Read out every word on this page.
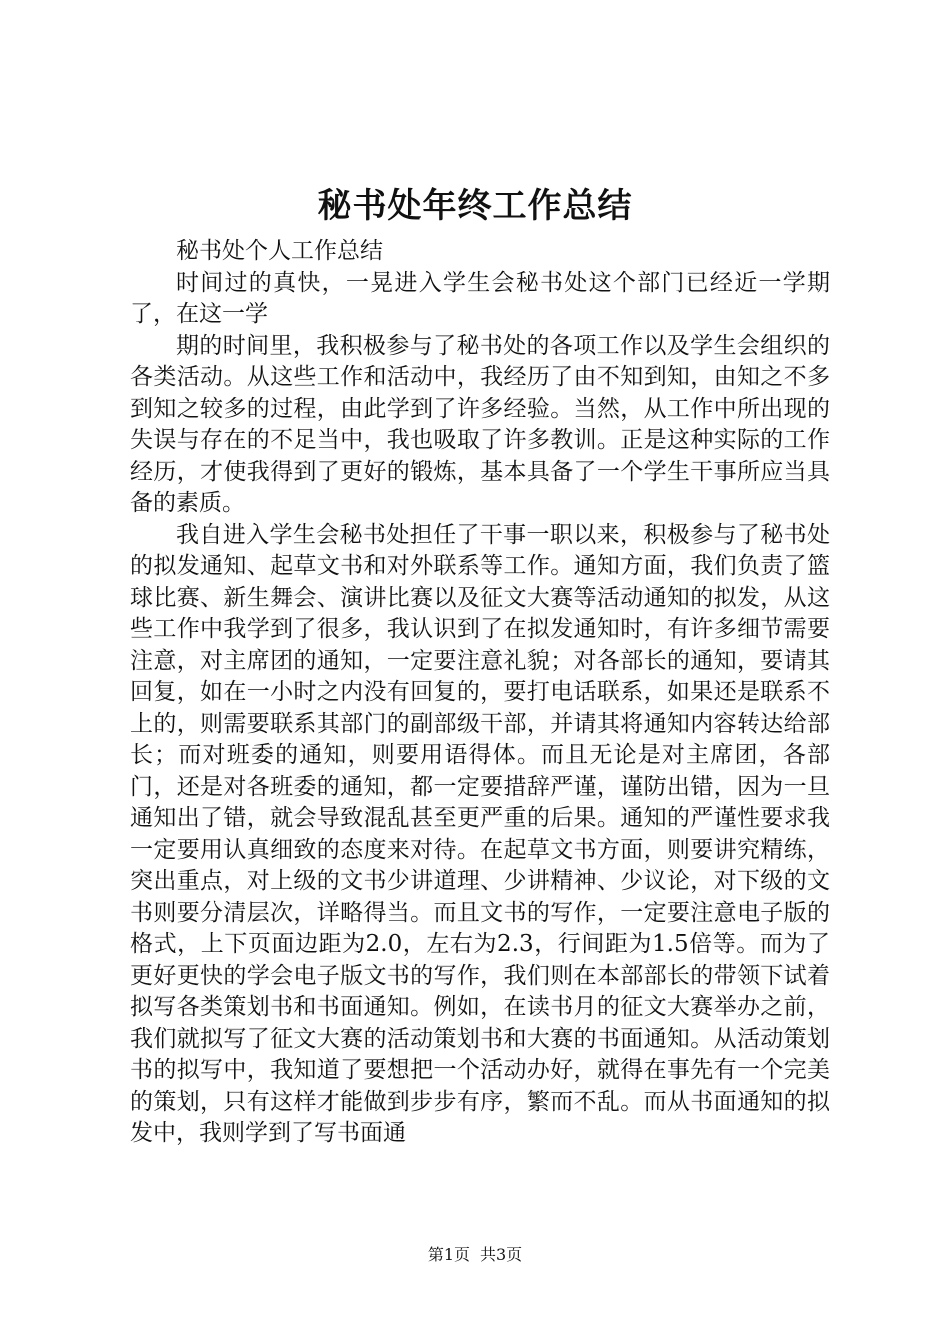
秘书处年终工作总结

秘书处个人工作总结

时间过的真快，一晃进入学生会秘书处这个部门已经近一学期了，在这一学

期的时间里，我积极参与了秘书处的各项工作以及学生会组织的各类活动。从这些工作和活动中，我经历了由不知到知，由知之不多到知之较多的过程，由此学到了许多经验。当然，从工作中所出现的失误与存在的不足当中，我也吸取了许多教训。正是这种实际的工作经历，才使我得到了更好的锻炼，基本具备了一个学生干事所应当具备的素质。

我自进入学生会秘书处担任了干事一职以来，积极参与了秘书处的拟发通知、起草文书和对外联系等工作。通知方面，我们负责了篮球比赛、新生舞会、演讲比赛以及征文大赛等活动通知的拟发，从这些工作中我学到了很多，我认识到了在拟发通知时，有许多细节需要注意，对主席团的通知，一定要注意礼貌；对各部长的通知，要请其回复，如在一小时之内没有回复的，要打电话联系，如果还是联系不上的，则需要联系其部门的副部级干部，并请其将通知内容转达给部长；而对班委的通知，则要用语得体。而且无论是对主席团，各部门，还是对各班委的通知，都一定要措辞严谨，谨防出错，因为一旦通知出了错，就会导致混乱甚至更严重的后果。通知的严谨性要求我一定要用认真细致的态度来对待。在起草文书方面，则要讲究精练，突出重点，对上级的文书少讲道理、少讲精神、少议论，对下级的文书则要分清层次，详略得当。而且文书的写作，一定要注意电子版的格式，上下页面边距为2.0，左右为2.3，行间距为1.5倍等。而为了更好更快的学会电子版文书的写作，我们则在本部部长的带领下试着拟写各类策划书和书面通知。例如，在读书月的征文大赛举办之前，我们就拟写了征文大赛的活动策划书和大赛的书面通知。从活动策划书的拟写中，我知道了要想把一个活动办好，就得在事先有一个完美的策划，只有这样才能做到步步有序，繁而不乱。而从书面通知的拟发中，我则学到了写书面通

第1页 共3页
